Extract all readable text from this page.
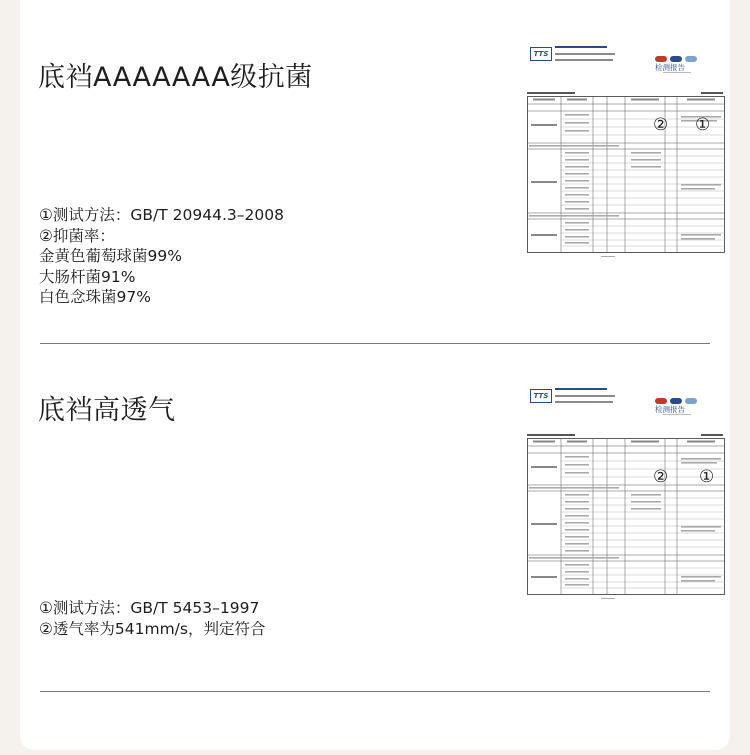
底裆AAAAAAA级抗菌
①测试方法：GB/T 20944.3–2008
②抑菌率：
金黄色葡萄球菌99%
大肠杆菌91%
白色念珠菌97%
TTS
检测报告
② ①
底裆高透气
①测试方法：GB/T 5453–1997
②透气率为541mm/s，判定符合
TTS
检测报告
② ①
